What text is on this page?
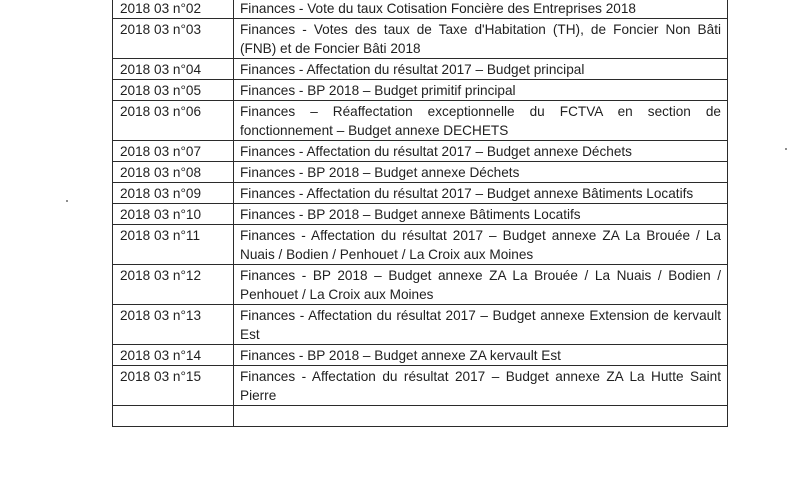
2018 03 n°02	Finances - Vote du taux Cotisation Foncière des Entreprises 2018
2018 03 n°03	Finances - Votes des taux de Taxe d'Habitation (TH), de Foncier Non Bâti (FNB) et de Foncier Bâti 2018
2018 03 n°04	Finances - Affectation du résultat 2017 – Budget principal
2018 03 n°05	Finances - BP 2018 – Budget primitif principal
2018 03 n°06	Finances – Réaffectation exceptionnelle du FCTVA en section de fonctionnement – Budget annexe DECHETS
2018 03 n°07	Finances - Affectation du résultat 2017 – Budget annexe Déchets
2018 03 n°08	Finances - BP 2018 – Budget annexe Déchets
2018 03 n°09	Finances - Affectation du résultat 2017 – Budget annexe Bâtiments Locatifs
2018 03 n°10	Finances - BP 2018 – Budget annexe Bâtiments Locatifs
2018 03 n°11	Finances - Affectation du résultat 2017 – Budget annexe ZA La Brouée / La Nuais / Bodien / Penhouet / La Croix aux Moines
2018 03 n°12	Finances - BP 2018 – Budget annexe ZA La Brouée / La Nuais / Bodien / Penhouet / La Croix aux Moines
2018 03 n°13	Finances - Affectation du résultat 2017 – Budget annexe Extension de kervault Est
2018 03 n°14	Finances - BP 2018 – Budget annexe ZA kervault Est
2018 03 n°15	Finances - Affectation du résultat 2017 – Budget annexe ZA La Hutte Saint Pierre
